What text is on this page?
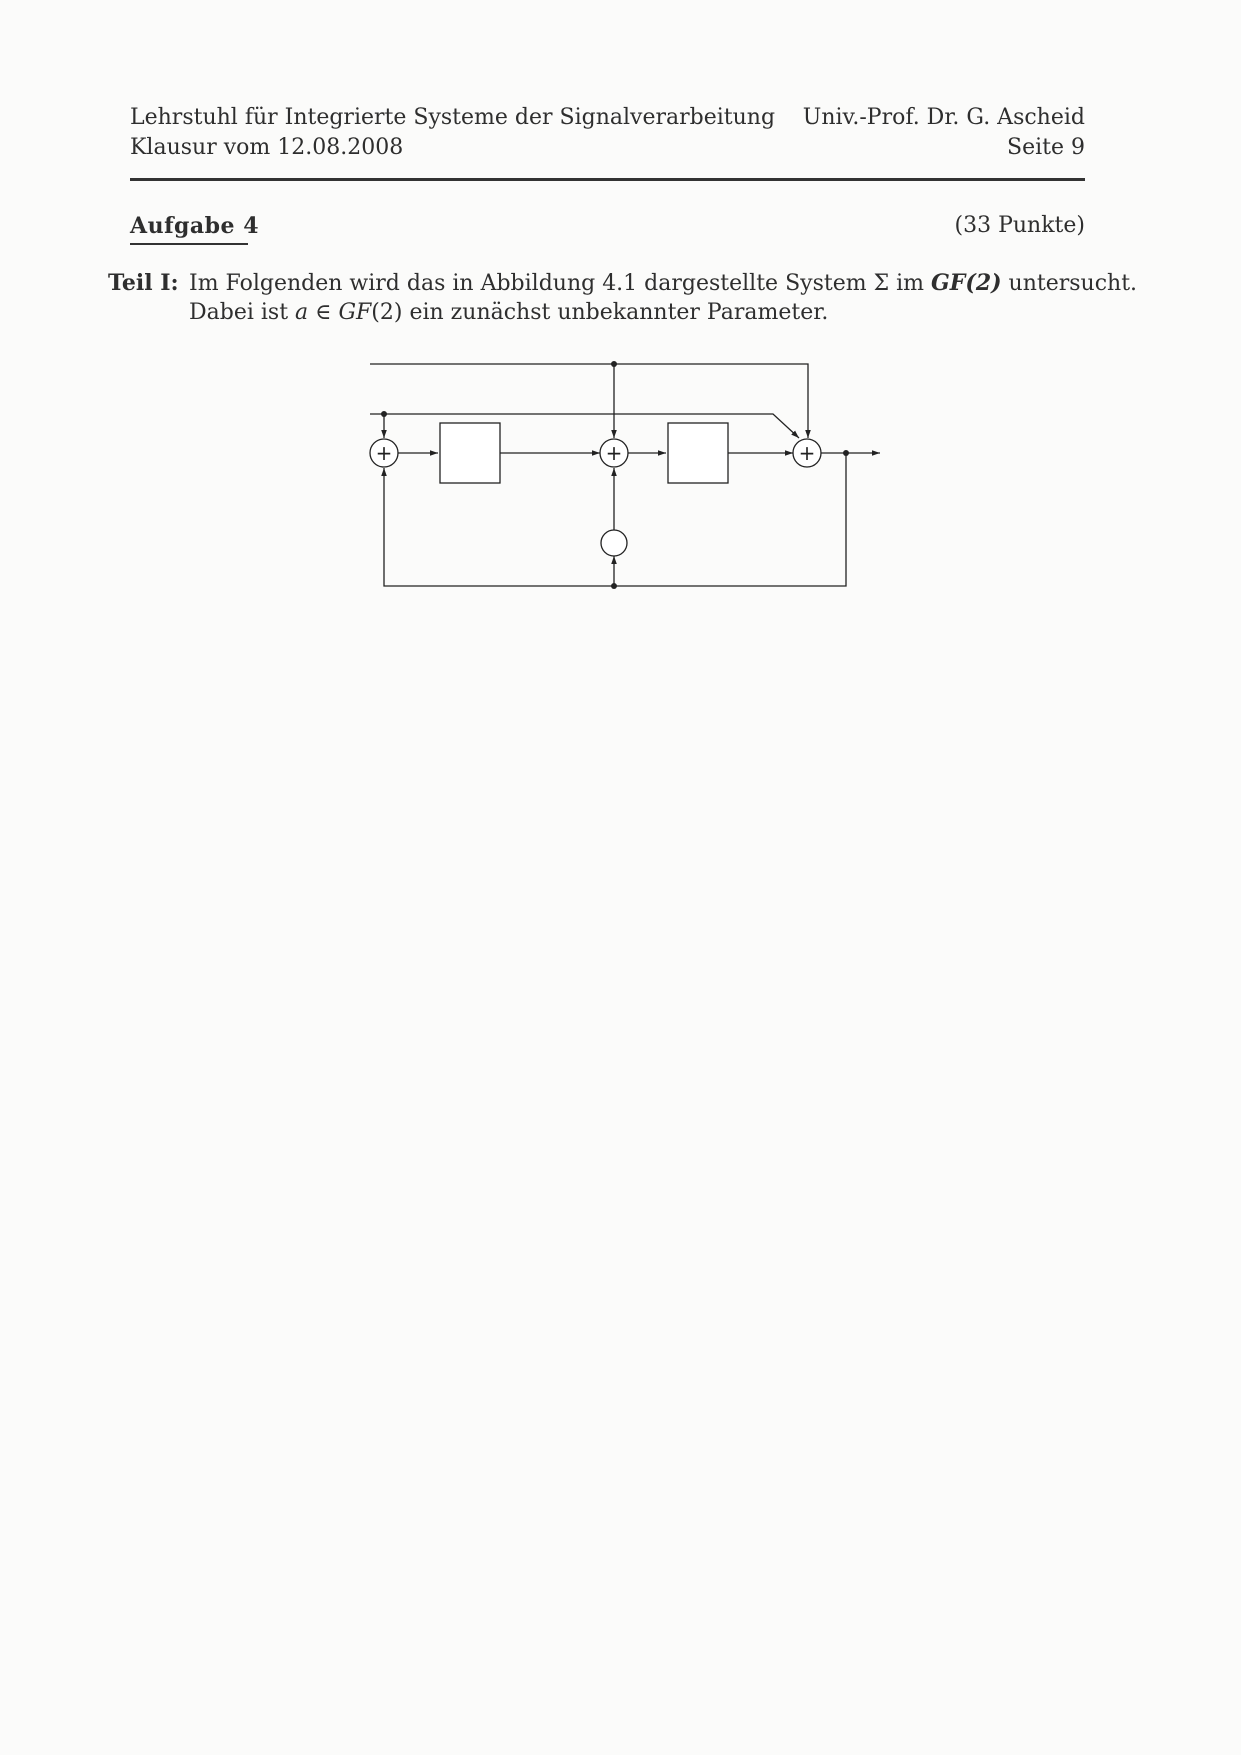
Lehrstuhl für Integrierte Systeme der Signalverarbeitung
Klausur vom 12.08.2008
Univ.-Prof. Dr. G. Ascheid
Seite 9
Aufgabe 4	(33 Punkte)
Teil I: Im Folgenden wird das in Abbildung 4.1 dargestellte System Σ im GF(2) untersucht.
Dabei ist a ∈ GF(2) ein zunächst unbekannter Parameter.
+	+	+
